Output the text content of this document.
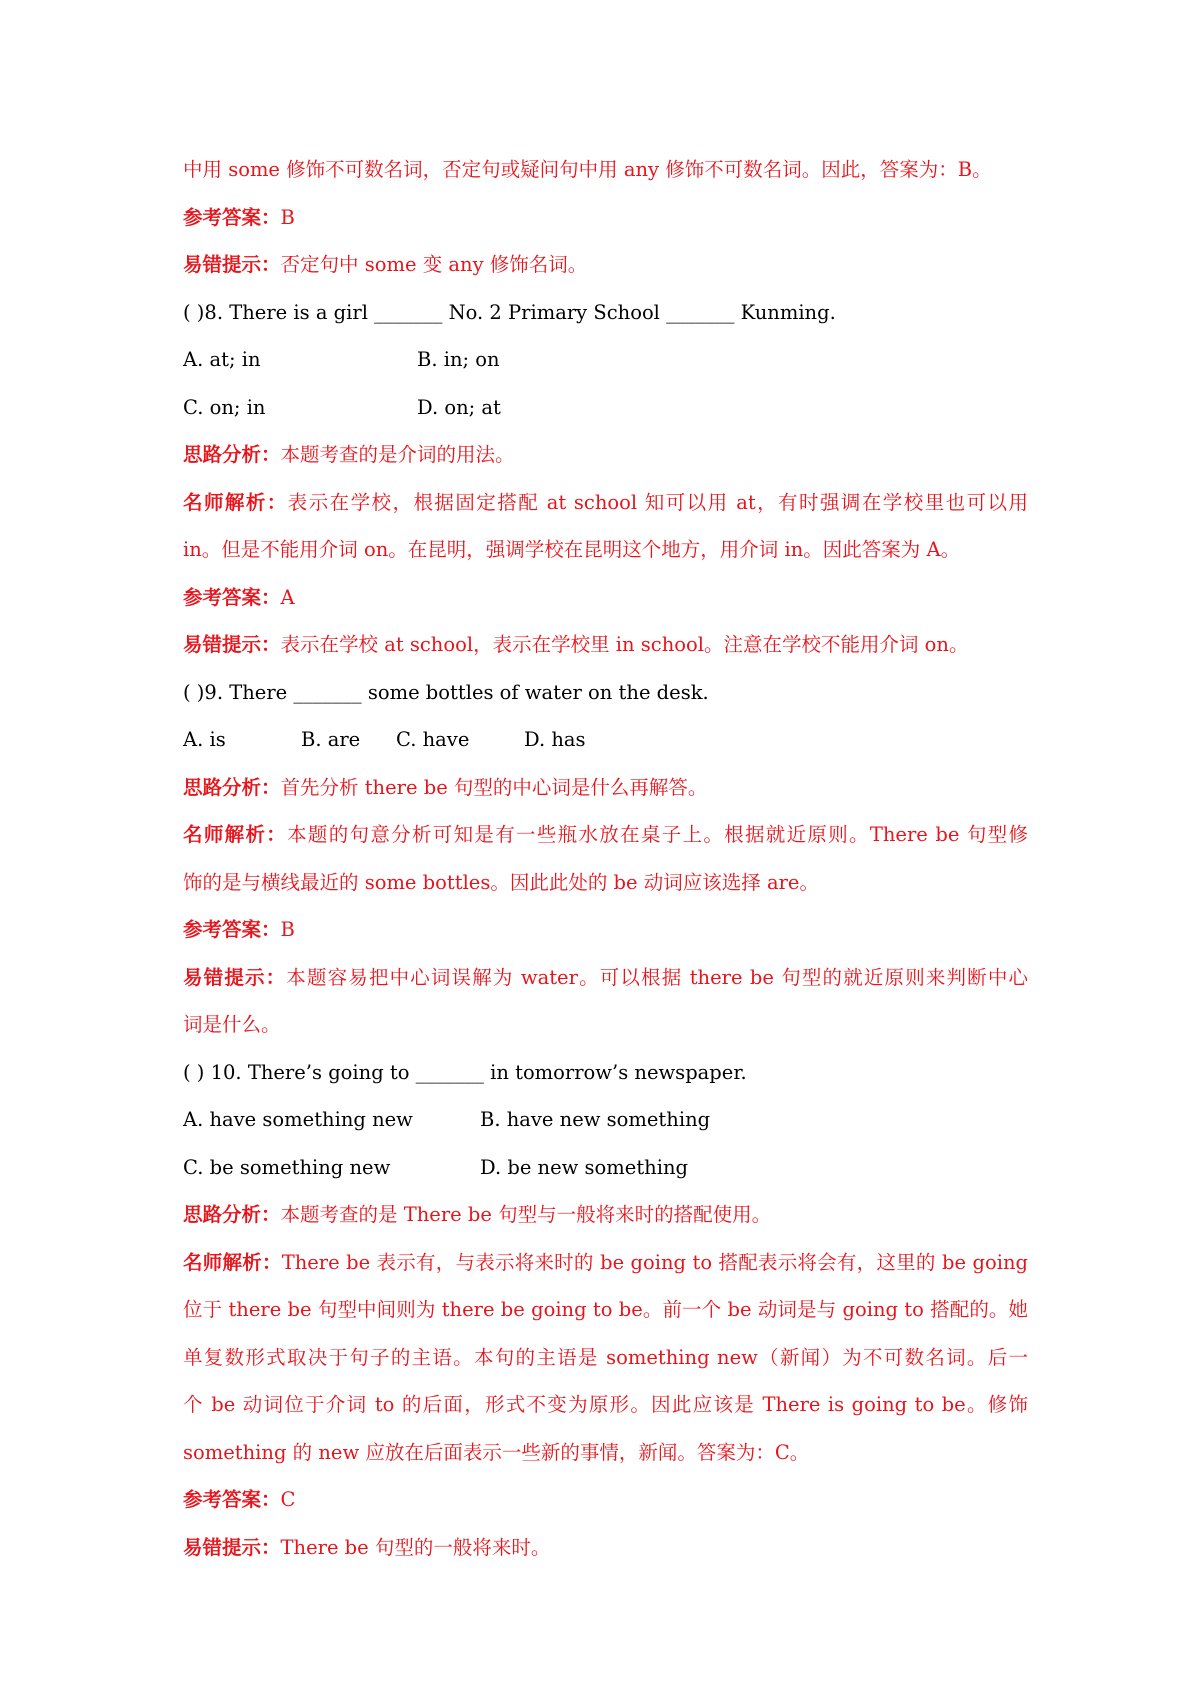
中用 some 修饰不可数名词，否定句或疑问句中用 any 修饰不可数名词。因此，答案为：B。
参考答案：B
易错提示：否定句中 some 变 any 修饰名词。
( )8. There is a girl _______ No. 2 Primary School _______ Kunming.
A. at; in	B. in; on
C. on; in	D. on; at
思路分析：本题考查的是介词的用法。
名师解析：表示在学校，根据固定搭配 at school 知可以用 at，有时强调在学校里也可以用
in。但是不能用介词 on。在昆明，强调学校在昆明这个地方，用介词 in。因此答案为 A。
参考答案：A
易错提示：表示在学校 at school，表示在学校里 in school。注意在学校不能用介词 on。
( )9. There _______ some bottles of water on the desk.
A. is	B. are C. have	D. has
思路分析：首先分析 there be 句型的中心词是什么再解答。
名师解析：本题的句意分析可知是有一些瓶水放在桌子上。根据就近原则。There be 句型修
饰的是与横线最近的 some bottles。因此此处的 be 动词应该选择 are。
参考答案：B
易错提示：本题容易把中心词误解为 water。可以根据 there be 句型的就近原则来判断中心
词是什么。
( ) 10. There’s going to _______ in tomorrow’s newspaper.
A. have something new	B. have new something
C. be something new	D. be new something
思路分析：本题考查的是 There be 句型与一般将来时的搭配使用。
名师解析：There be 表示有，与表示将来时的 be going to 搭配表示将会有，这里的 be going
位于 there be 句型中间则为 there be going to be。前一个 be 动词是与 going to 搭配的。她
单复数形式取决于句子的主语。本句的主语是 something new（新闻）为不可数名词。后一
个 be 动词位于介词 to 的后面，形式不变为原形。因此应该是 There is going to be。修饰
something 的 new 应放在后面表示一些新的事情，新闻。答案为：C。
参考答案：C
易错提示：There be 句型的一般将来时。
